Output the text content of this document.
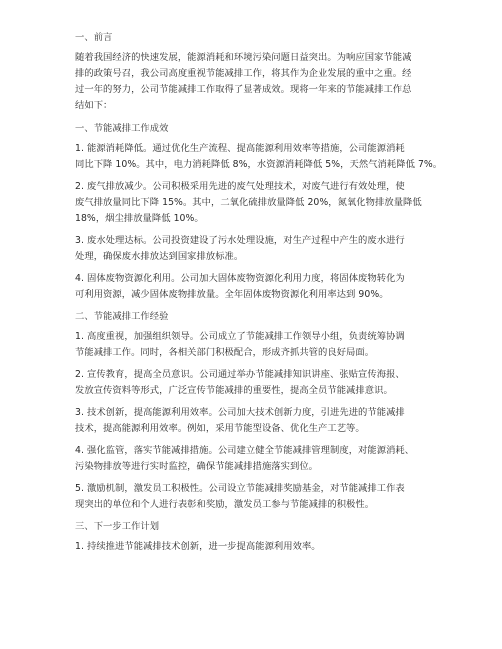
一、前言
随着我国经济的快速发展，能源消耗和环境污染问题日益突出。为响应国家节能减
排的政策号召，我公司高度重视节能减排工作，将其作为企业发展的重中之重。经
过一年的努力，公司节能减排工作取得了显著成效。现将一年来的节能减排工作总
结如下：
一、节能减排工作成效
1. 能源消耗降低。通过优化生产流程、提高能源利用效率等措施，公司能源消耗
同比下降 10%。其中，电力消耗降低 8%，水资源消耗降低 5%，天然气消耗降低 7%。
2. 废气排放减少。公司积极采用先进的废气处理技术，对废气进行有效处理，使
废气排放量同比下降 15%。其中，二氧化硫排放量降低 20%，氮氧化物排放量降低
18%，烟尘排放量降低 10%。
3. 废水处理达标。公司投资建设了污水处理设施，对生产过程中产生的废水进行
处理，确保废水排放达到国家排放标准。
4. 固体废物资源化利用。公司加大固体废物资源化利用力度，将固体废物转化为
可利用资源，减少固体废物排放量。全年固体废物资源化利用率达到 90%。
二、节能减排工作经验
1. 高度重视，加强组织领导。公司成立了节能减排工作领导小组，负责统筹协调
节能减排工作。同时，各相关部门积极配合，形成齐抓共管的良好局面。
2. 宣传教育，提高全员意识。公司通过举办节能减排知识讲座、张贴宣传海报、
发放宣传资料等形式，广泛宣传节能减排的重要性，提高全员节能减排意识。
3. 技术创新，提高能源利用效率。公司加大技术创新力度，引进先进的节能减排
技术，提高能源利用效率。例如，采用节能型设备、优化生产工艺等。
4. 强化监管，落实节能减排措施。公司建立健全节能减排管理制度，对能源消耗、
污染物排放等进行实时监控，确保节能减排措施落实到位。
5. 激励机制，激发员工积极性。公司设立节能减排奖励基金，对节能减排工作表
现突出的单位和个人进行表彰和奖励，激发员工参与节能减排的积极性。
三、下一步工作计划
1. 持续推进节能减排技术创新，进一步提高能源利用效率。
